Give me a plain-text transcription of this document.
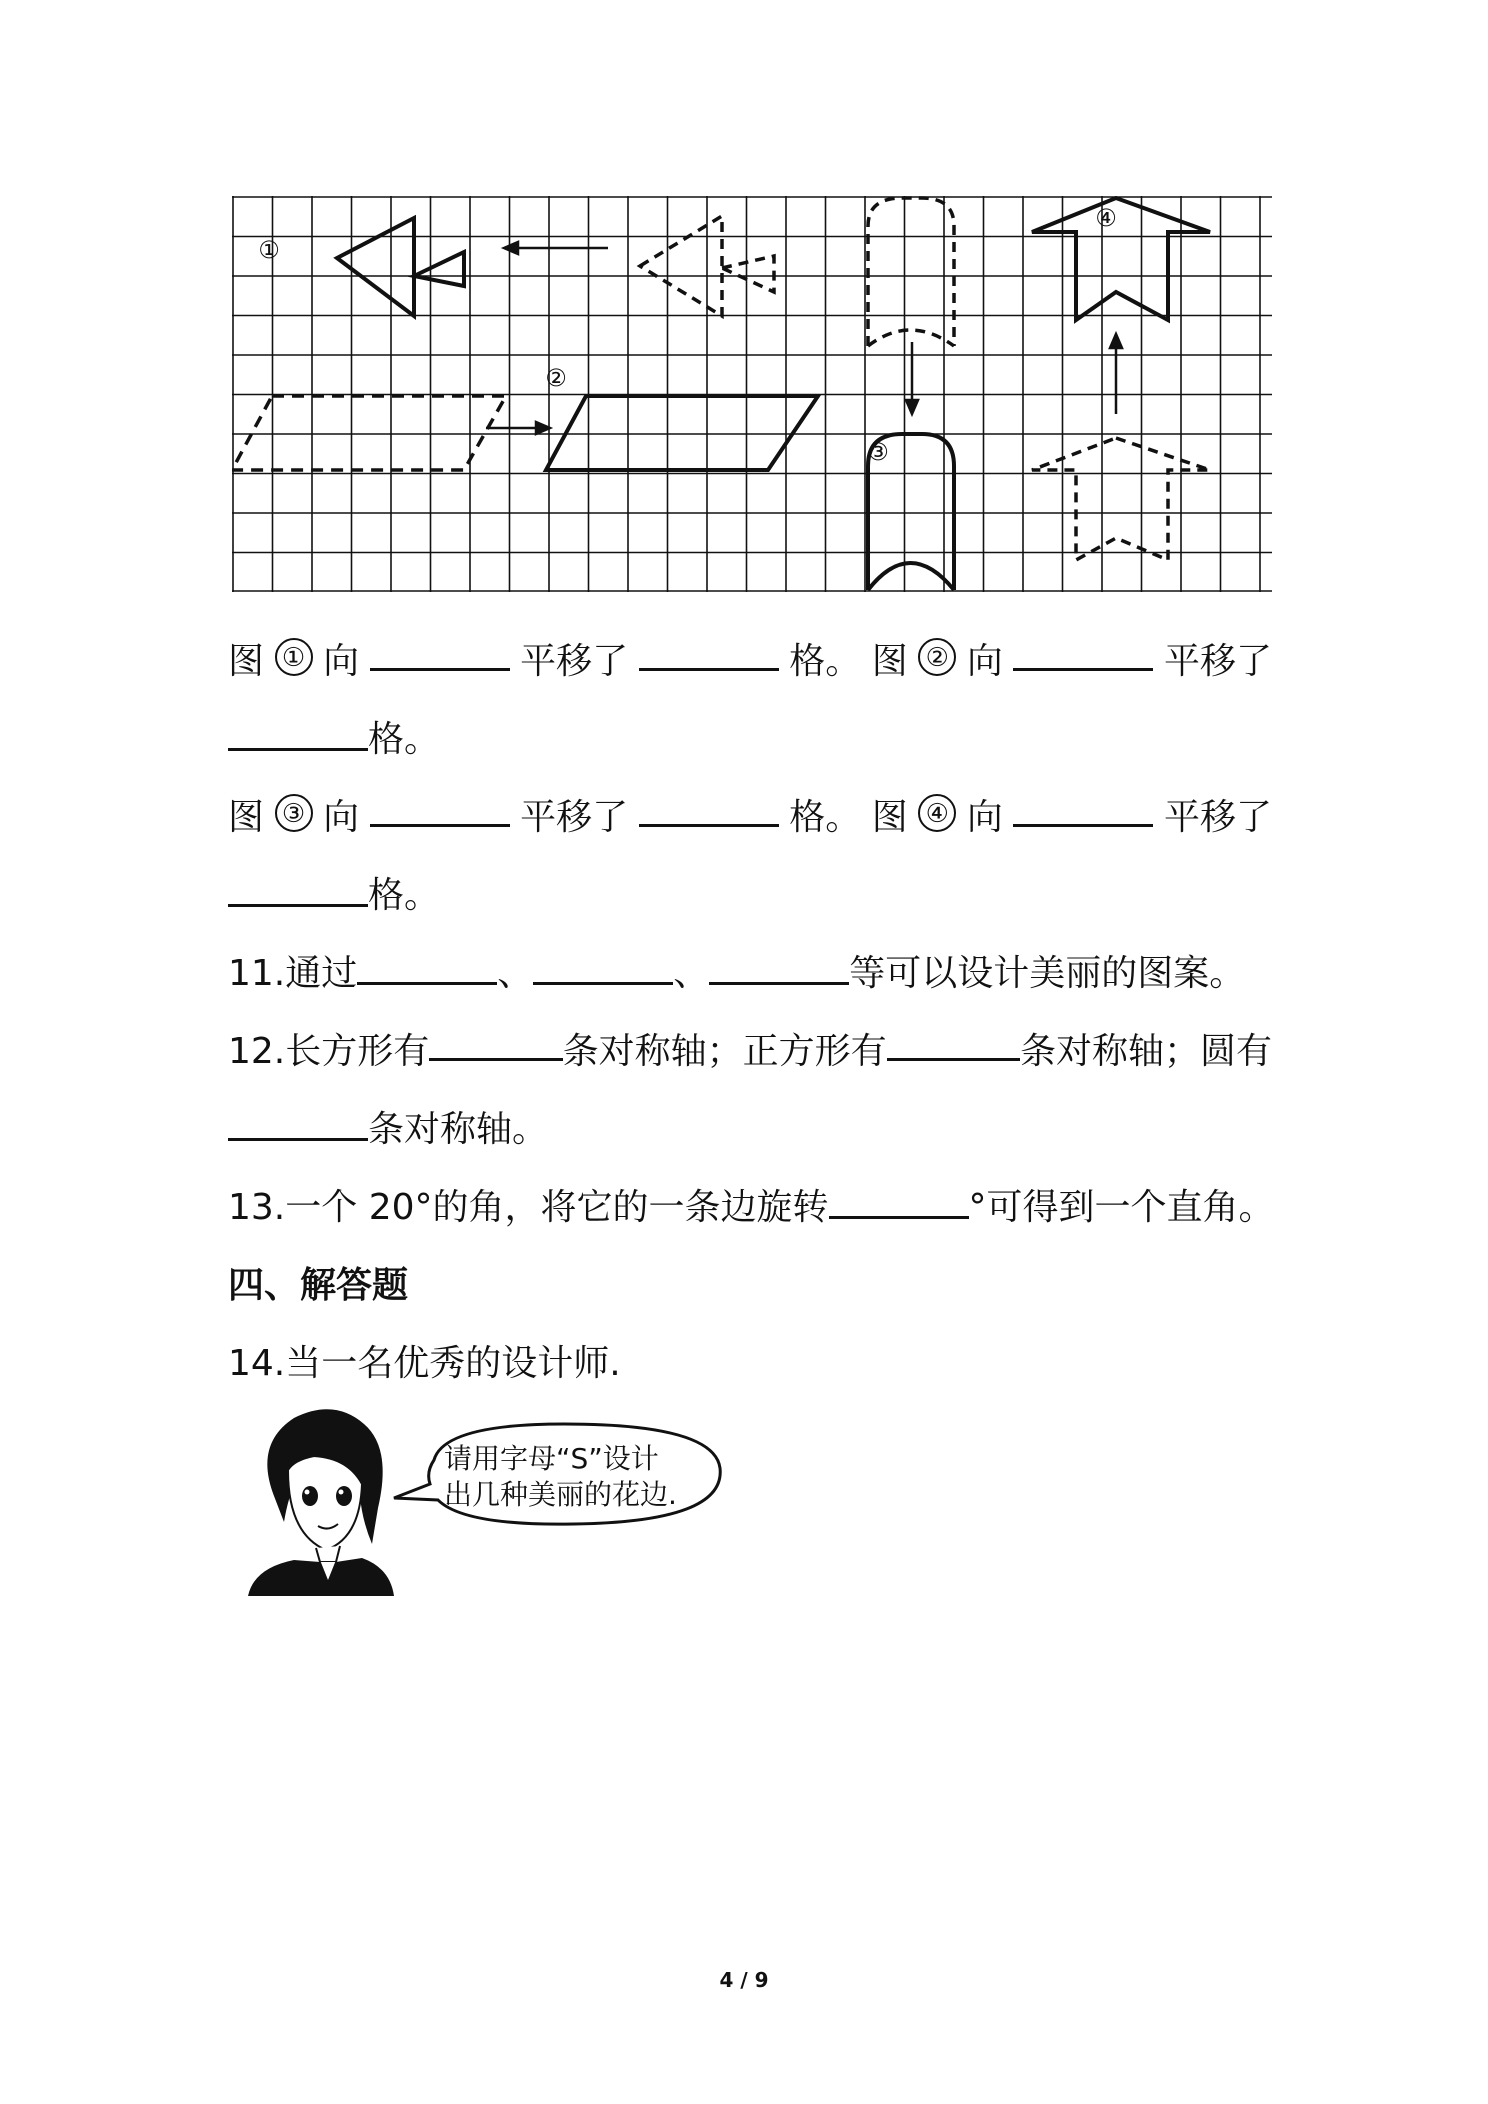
①
②
③
④
图 ① 向	平移了	格。 图 ② 向	平移了
格。
图 ③ 向	平移了	格。 图 ④ 向	平移了
格。
11.通过	、	、	等可以设计美丽的图案。
12.长方形有	条对称轴；正方形有	条对称轴；圆有
条对称轴。
13.一个 20°的角，将它的一条边旋转	°可得到一个直角。
四、解答题
14.当一名优秀的设计师.
请用字母“S”设计
出几种美丽的花边.
4 / 9
